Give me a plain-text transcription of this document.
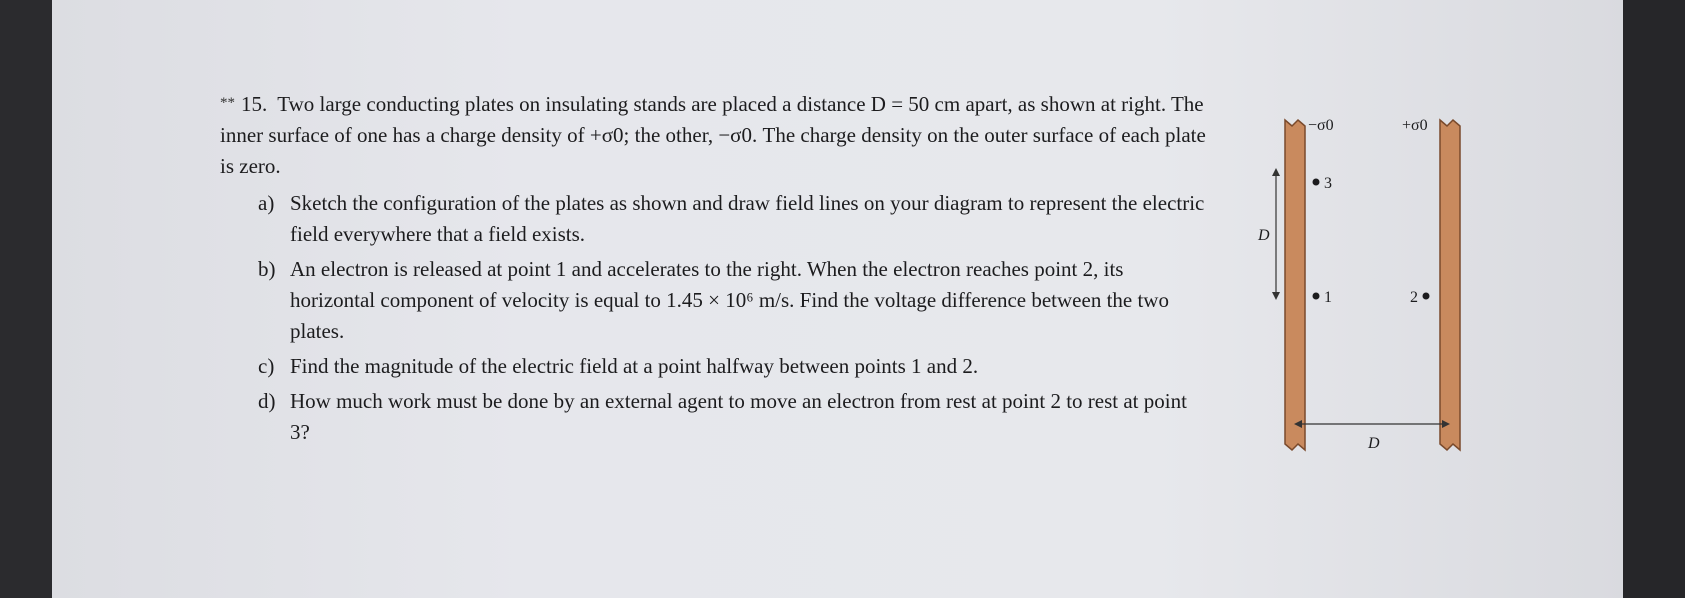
** 15. Two large conducting plates on insulating stands are placed a distance D = 50 cm apart, as shown at right. The inner surface of one has a charge density of +σ0; the other, −σ0. The charge density on the outer surface of each plate is zero.

a) Sketch the configuration of the plates as shown and draw field lines on your diagram to represent the electric field everywhere that a field exists.
b) An electron is released at point 1 and accelerates to the right. When the electron reaches point 2, its horizontal component of velocity is equal to 1.45 × 10⁶ m/s. Find the voltage difference between the two plates.
c) Find the magnitude of the electric field at a point halfway between points 1 and 2.
d) How much work must be done by an external agent to move an electron from rest at point 2 to rest at point 3?
−σ0	+σ0
3
1	2
D
D
